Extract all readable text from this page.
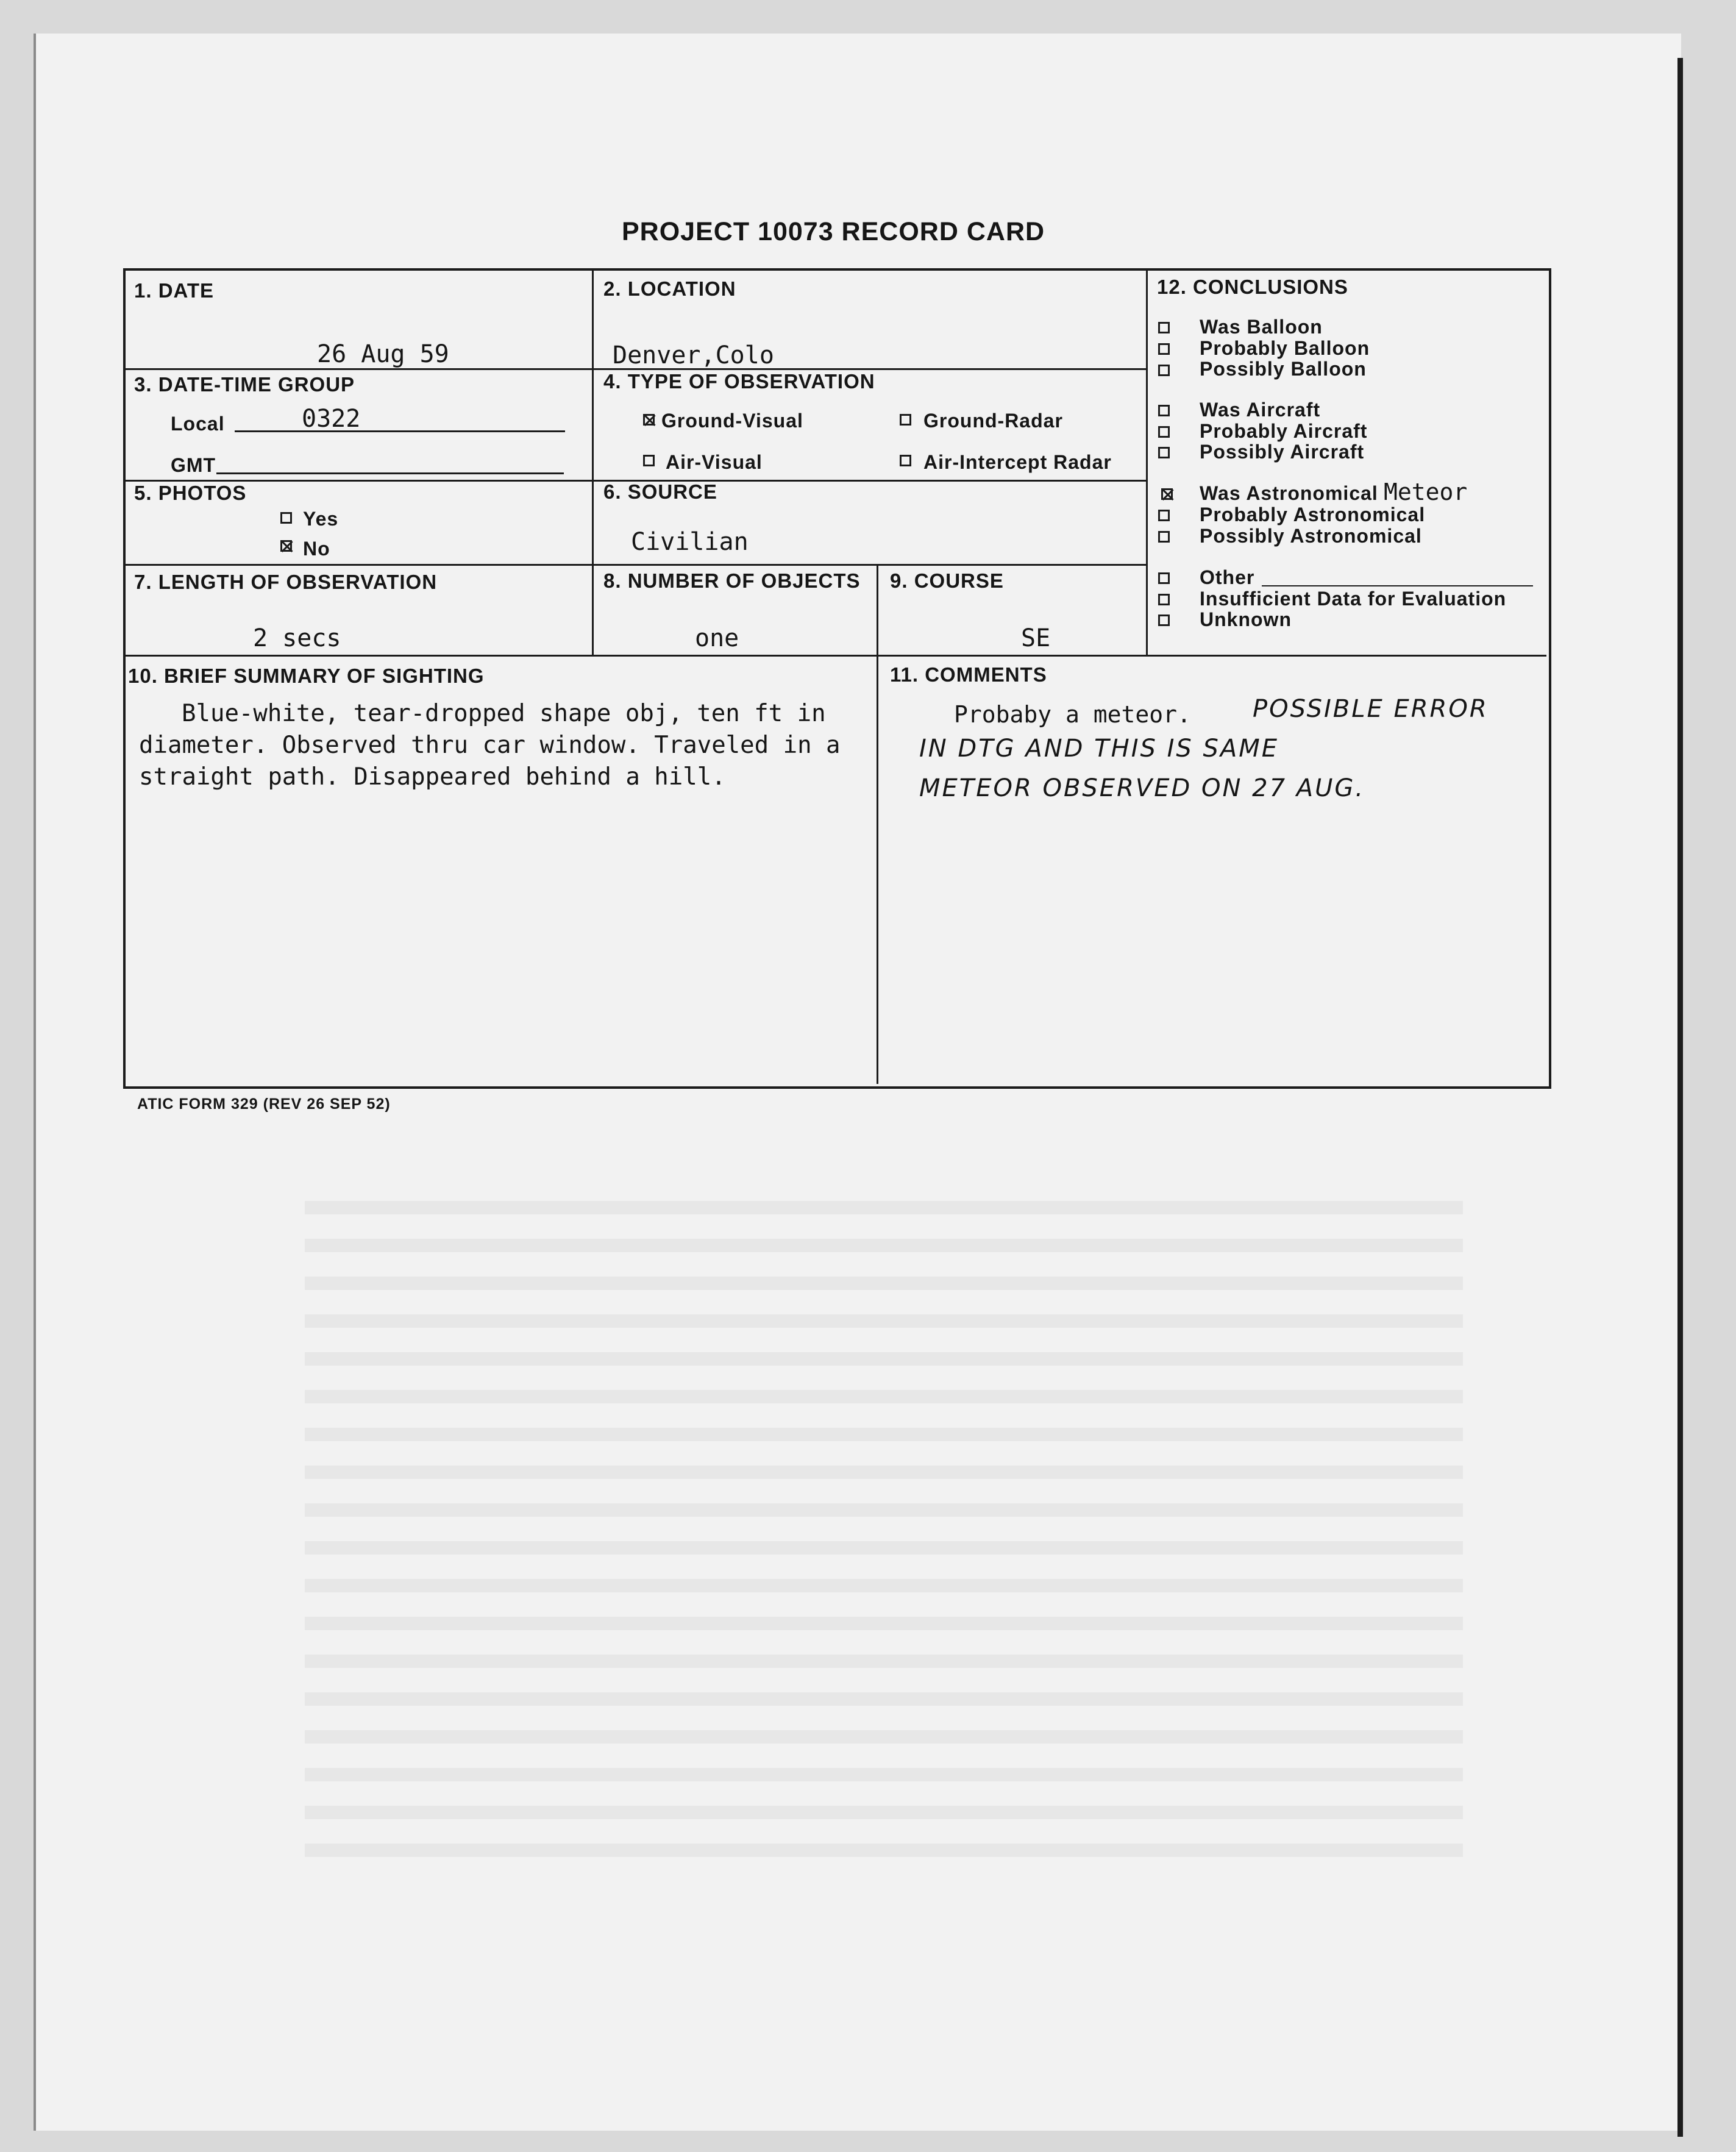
PROJECT 10073 RECORD CARD
1. DATE
26 Aug 59
2. LOCATION
Denver,Colo
3. DATE-TIME GROUP
Local	0322
GMT
4. TYPE OF OBSERVATION
Ground-Visual	Ground-Radar
Air-Visual	Air-Intercept Radar
5. PHOTOS
Yes
No
6. SOURCE
Civilian
7. LENGTH OF OBSERVATION
2 secs
8. NUMBER OF OBJECTS
one
9. COURSE
SE
10. BRIEF SUMMARY OF SIGHTING
Blue-white, tear-dropped shape obj, ten ft in diameter. Observed thru car window. Traveled in a straight path. Disappeared behind a hill.
11. COMMENTS
Probaby a meteor.	POSSIBLE ERROR
IN DTG AND THIS IS SAME
METEOR OBSERVED ON 27 AUG.
12. CONCLUSIONS
Was Balloon
Probably Balloon
Possibly Balloon
Was Aircraft
Probably Aircraft
Possibly Aircraft
Was Astronomical Meteor
Probably Astronomical
Possibly Astronomical
Other
Insufficient Data for Evaluation
Unknown
ATIC FORM 329 (REV 26 SEP 52)
